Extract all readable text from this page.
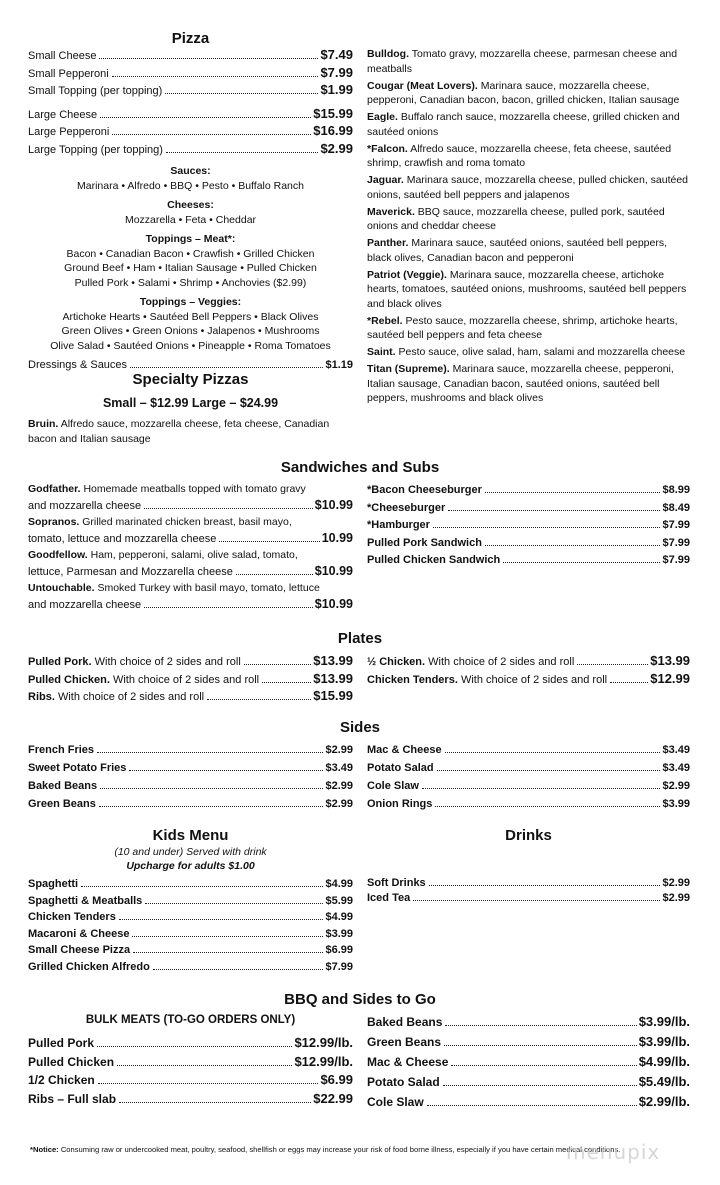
Pizza
Small Cheese	$7.49
Small Pepperoni	$7.99
Small Topping (per topping)	$1.99
Large Cheese	$15.99
Large Pepperoni	$16.99
Large Topping (per topping)	$2.99
Sauces:
Marinara • Alfredo • BBQ • Pesto • Buffalo Ranch
Cheeses:
Mozzarella • Feta • Cheddar
Toppings – Meat*:
Bacon • Canadian Bacon • Crawfish • Grilled Chicken
Ground Beef • Ham • Italian Sausage • Pulled Chicken
Pulled Pork • Salami • Shrimp • Anchovies ($2.99)
Toppings – Veggies:
Artichoke Hearts • Sautéed Bell Peppers • Black Olives
Green Olives • Green Onions • Jalapenos • Mushrooms
Olive Salad • Sautéed Onions • Pineapple • Roma Tomatoes
Dressings & Sauces	$1.19
Specialty Pizzas
Small – $12.99 Large – $24.99
Bruin. Alfredo sauce, mozzarella cheese, feta cheese, Canadian bacon and Italian sausage
Bulldog. Tomato gravy, mozzarella cheese, parmesan cheese and meatballs
Cougar (Meat Lovers). Marinara sauce, mozzarella cheese, pepperoni, Canadian bacon, bacon, grilled chicken, Italian sausage
Eagle. Buffalo ranch sauce, mozzarella cheese, grilled chicken and sautéed onions
*Falcon. Alfredo sauce, mozzarella cheese, feta cheese, sautéed shrimp, crawfish and roma tomato
Jaguar. Marinara sauce, mozzarella cheese, pulled chicken, sautéed onions, sautéed bell peppers and jalapenos
Maverick. BBQ sauce, mozzarella cheese, pulled pork, sautéed onions and cheddar cheese
Panther. Marinara sauce, sautéed onions, sautéed bell peppers, black olives, Canadian bacon and pepperoni
Patriot (Veggie). Marinara sauce, mozzarella cheese, artichoke hearts, tomatoes, sautéed onions, mushrooms, sautéed bell peppers and black olives
*Rebel. Pesto sauce, mozzarella cheese, shrimp, artichoke hearts, sautéed bell peppers and feta cheese
Saint. Pesto sauce, olive salad, ham, salami and mozzarella cheese
Titan (Supreme). Marinara sauce, mozzarella cheese, pepperoni, Italian sausage, Canadian bacon, sautéed onions, sautéed bell peppers, mushrooms and black olives
Sandwiches and Subs
Godfather. Homemade meatballs topped with tomato gravy
and mozzarella cheese	$10.99
Sopranos. Grilled marinated chicken breast, basil mayo,
tomato, lettuce and mozzarella cheese	10.99
Goodfellow. Ham, pepperoni, salami, olive salad, tomato,
lettuce, Parmesan and Mozzarella cheese	$10.99
Untouchable. Smoked Turkey with basil mayo, tomato, lettuce
and mozzarella cheese	$10.99
*Bacon Cheeseburger	$8.99
*Cheeseburger	$8.49
*Hamburger	$7.99
Pulled Pork Sandwich	$7.99
Pulled Chicken Sandwich	$7.99
Plates
Pulled Pork. With choice of 2 sides and roll	$13.99
Pulled Chicken. With choice of 2 sides and roll	$13.99
Ribs. With choice of 2 sides and roll	$15.99
½ Chicken. With choice of 2 sides and roll	$13.99
Chicken Tenders. With choice of 2 sides and roll	$12.99
Sides
French Fries	$2.99
Sweet Potato Fries	$3.49
Baked Beans	$2.99
Green Beans	$2.99
Mac & Cheese	$3.49
Potato Salad	$3.49
Cole Slaw	$2.99
Onion Rings	$3.99
Kids Menu
(10 and under) Served with drink
Upcharge for adults $1.00
Spaghetti	$4.99
Spaghetti & Meatballs	$5.99
Chicken Tenders	$4.99
Macaroni & Cheese	$3.99
Small Cheese Pizza	$6.99
Grilled Chicken Alfredo	$7.99
Drinks
Soft Drinks	$2.99
Iced Tea	$2.99
BBQ and Sides to Go
BULK MEATS (TO-GO ORDERS ONLY)
Pulled Pork	$12.99/lb.
Pulled Chicken	$12.99/lb.
1/2 Chicken	$6.99
Ribs – Full slab	$22.99
Baked Beans	$3.99/lb.
Green Beans	$3.99/lb.
Mac & Cheese	$4.99/lb.
Potato Salad	$5.49/lb.
Cole Slaw	$2.99/lb.
*Notice: Consuming raw or undercooked meat, poultry, seafood, shellfish or eggs may increase your risk of food borne illness, especially if you have certain medical conditions.
menupix
